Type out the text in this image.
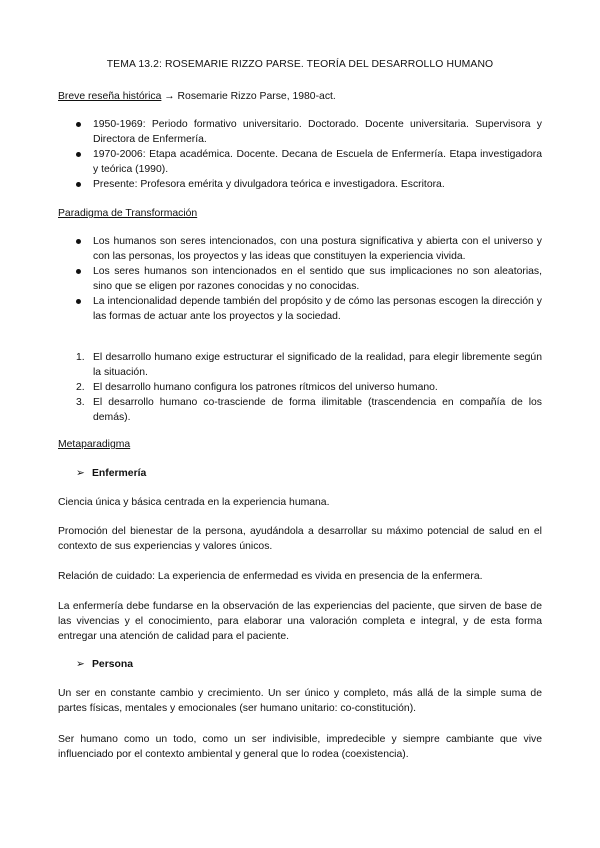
TEMA 13.2: ROSEMARIE RIZZO PARSE. TEORÍA DEL DESARROLLO HUMANO
Breve reseña histórica → Rosemarie Rizzo Parse, 1980-act.
1950-1969: Periodo formativo universitario. Doctorado. Docente universitaria. Supervisora y Directora de Enfermería.
1970-2006: Etapa académica. Docente. Decana de Escuela de Enfermería. Etapa investigadora y teórica (1990).
Presente: Profesora emérita y divulgadora teórica e investigadora. Escritora.
Paradigma de Transformación
Los humanos son seres intencionados, con una postura significativa y abierta con el universo y con las personas, los proyectos y las ideas que constituyen la experiencia vivida.
Los seres humanos son intencionados en el sentido que sus implicaciones no son aleatorias, sino que se eligen por razones conocidas y no conocidas.
La intencionalidad depende también del propósito y de cómo las personas escogen la dirección y las formas de actuar ante los proyectos y la sociedad.
1. El desarrollo humano exige estructurar el significado de la realidad, para elegir libremente según la situación.
2. El desarrollo humano configura los patrones rítmicos del universo humano.
3. El desarrollo humano co-trasciende de forma ilimitable (trascendencia en compañía de los demás).
Metaparadigma
➢ Enfermería
Ciencia única y básica centrada en la experiencia humana.
Promoción del bienestar de la persona, ayudándola a desarrollar su máximo potencial de salud en el contexto de sus experiencias y valores únicos.
Relación de cuidado: La experiencia de enfermedad es vivida en presencia de la enfermera.
La enfermería debe fundarse en la observación de las experiencias del paciente, que sirven de base de las vivencias y el conocimiento, para elaborar una valoración completa e integral, y de esta forma entregar una atención de calidad para el paciente.
➢ Persona
Un ser en constante cambio y crecimiento. Un ser único y completo, más allá de la simple suma de partes físicas, mentales y emocionales (ser humano unitario: co-constitución).
Ser humano como un todo, como un ser indivisible, impredecible y siempre cambiante que vive influenciado por el contexto ambiental y general que lo rodea (coexistencia).
